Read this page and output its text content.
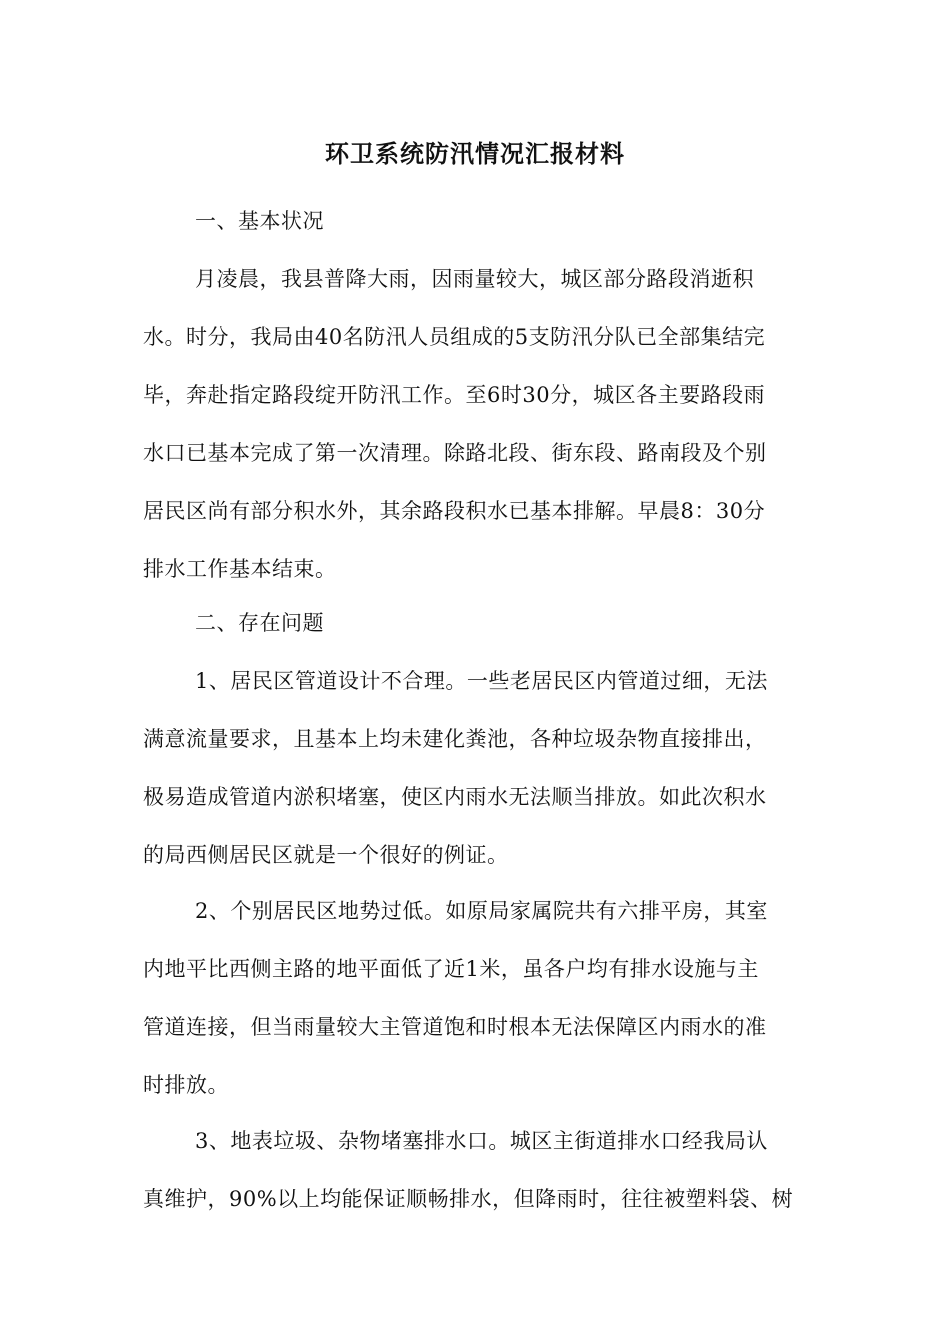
环卫系统防汛情况汇报材料
一、基本状况
月凌晨，我县普降大雨，因雨量较大，城区部分路段消逝积
水。时分，我局由40名防汛人员组成的5支防汛分队已全部集结完
毕，奔赴指定路段绽开防汛工作。至6时30分，城区各主要路段雨
水口已基本完成了第一次清理。除路北段、街东段、路南段及个别
居民区尚有部分积水外，其余路段积水已基本排解。早晨8：30分
排水工作基本结束。
二、存在问题
1、居民区管道设计不合理。一些老居民区内管道过细，无法
满意流量要求，且基本上均未建化粪池，各种垃圾杂物直接排出，
极易造成管道内淤积堵塞，使区内雨水无法顺当排放。如此次积水
的局西侧居民区就是一个很好的例证。
2、个别居民区地势过低。如原局家属院共有六排平房，其室
内地平比西侧主路的地平面低了近1米，虽各户均有排水设施与主
管道连接，但当雨量较大主管道饱和时根本无法保障区内雨水的准
时排放。
3、地表垃圾、杂物堵塞排水口。城区主街道排水口经我局认
真维护，90%以上均能保证顺畅排水，但降雨时，往往被塑料袋、树
